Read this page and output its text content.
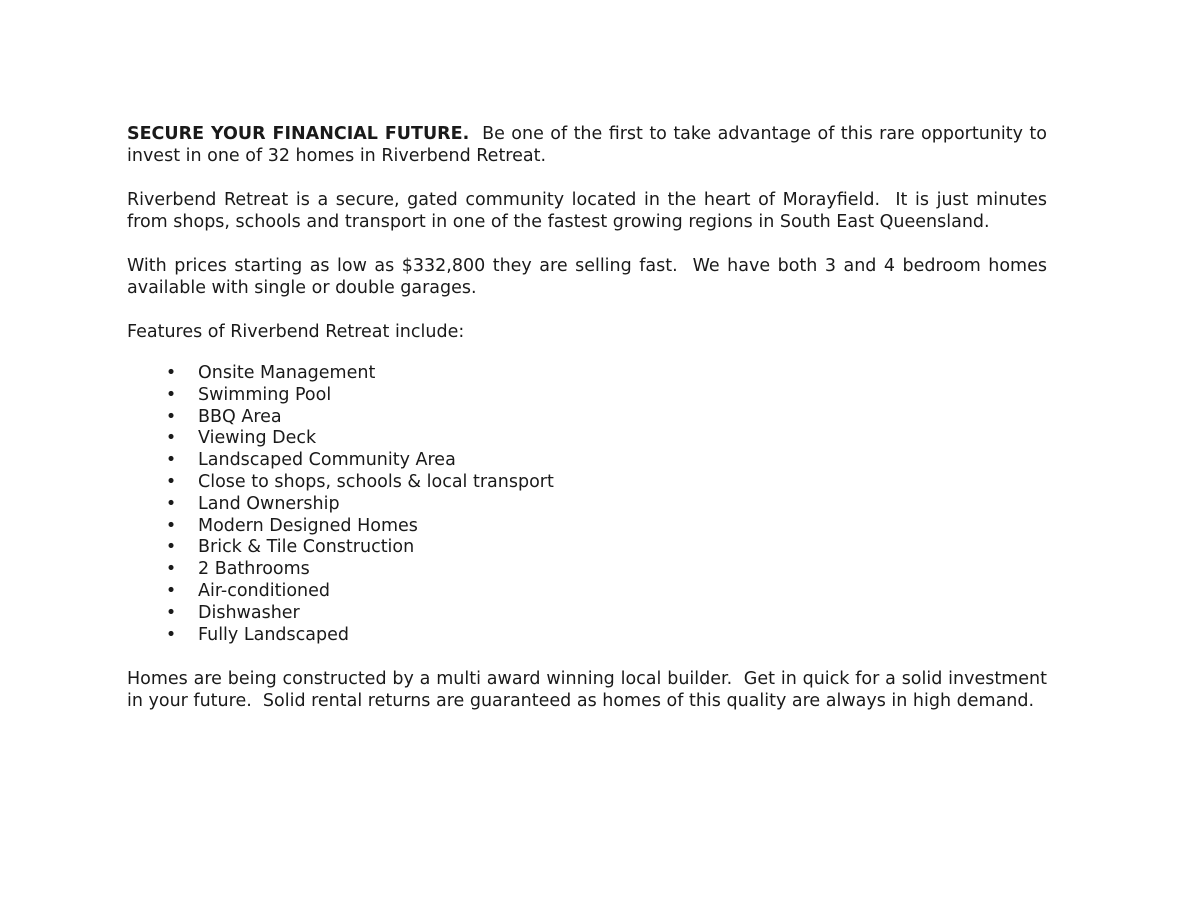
SECURE YOUR FINANCIAL FUTURE.  Be one of the first to take advantage of this rare opportunity to invest in one of 32 homes in Riverbend Retreat.

Riverbend Retreat is a secure, gated community located in the heart of Morayfield.  It is just minutes from shops, schools and transport in one of the fastest growing regions in South East Queensland.

With prices starting as low as $332,800 they are selling fast.  We have both 3 and 4 bedroom homes available with single or double garages.

Features of Riverbend Retreat include:

• Onsite Management
• Swimming Pool
• BBQ Area
• Viewing Deck
• Landscaped Community Area
• Close to shops, schools & local transport
• Land Ownership
• Modern Designed Homes
• Brick & Tile Construction
• 2 Bathrooms
• Air-conditioned
• Dishwasher
• Fully Landscaped

Homes are being constructed by a multi award winning local builder.  Get in quick for a solid investment in your future.  Solid rental returns are guaranteed as homes of this quality are always in high demand.
